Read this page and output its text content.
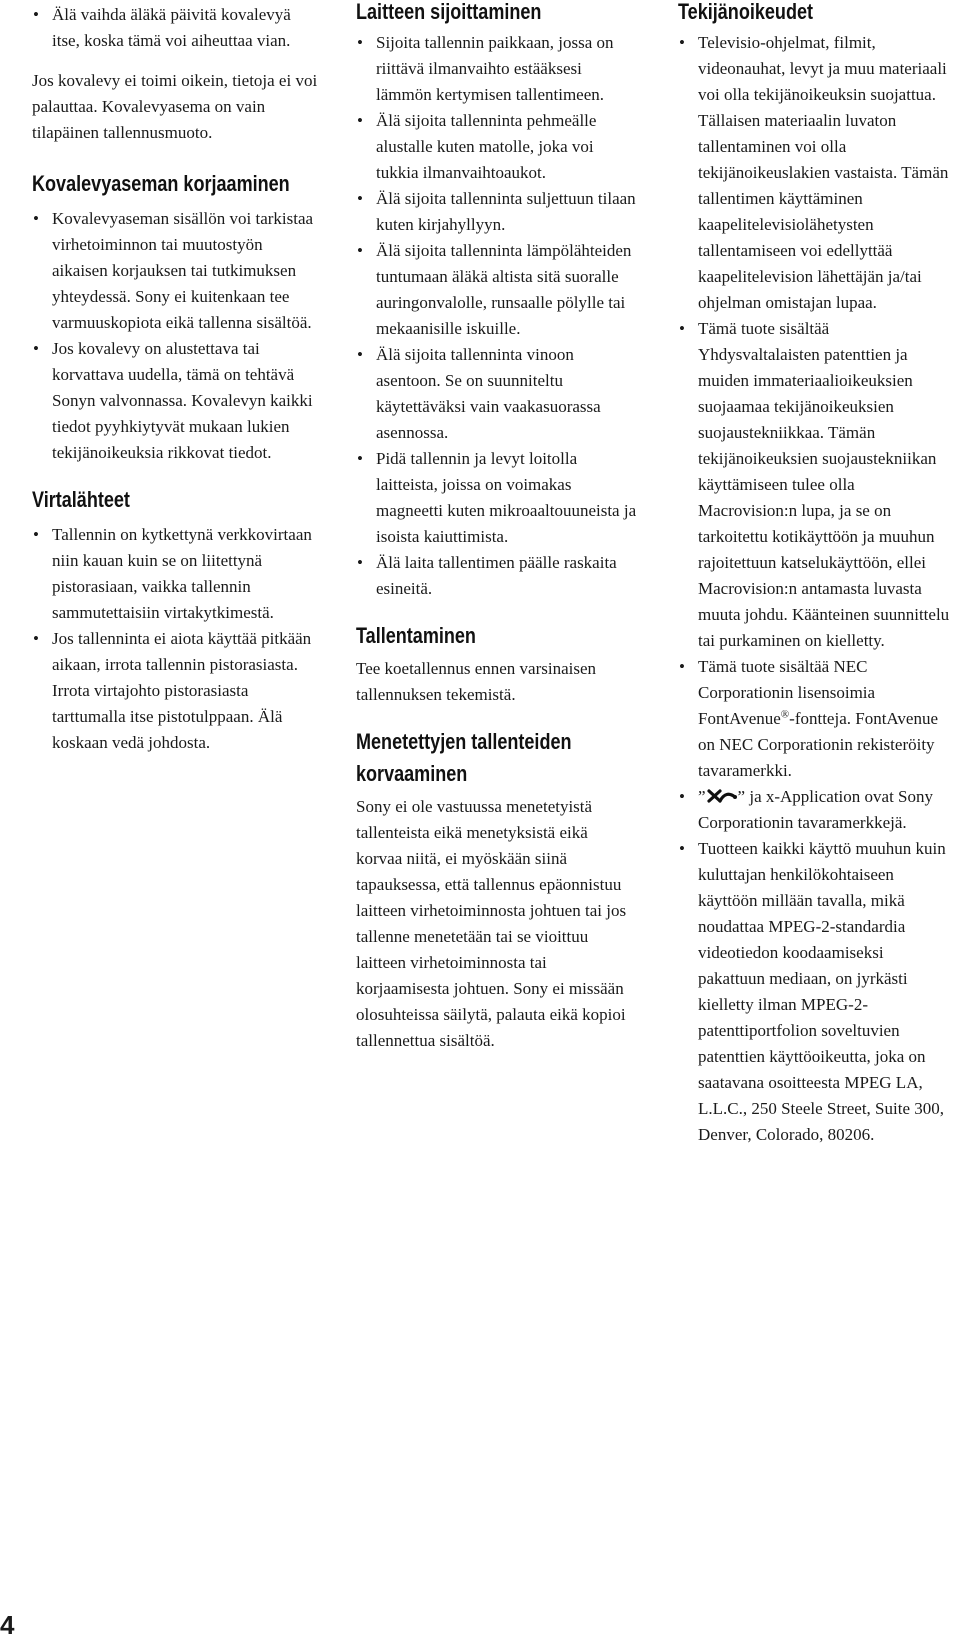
• Älä vaihda äläkä päivitä kovalevyä itse, koska tämä voi aiheuttaa vian.

Jos kovalevy ei toimi oikein, tietoja ei voi palauttaa. Kovalevyasema on vain tilapäinen tallennusmuoto.

Kovalevyaseman korjaaminen
• Kovalevyaseman sisällön voi tarkistaa virhetoiminnon tai muutostyön aikaisen korjauksen tai tutkimuksen yhteydessä. Sony ei kuitenkaan tee varmuuskopiota eikä tallenna sisältöä.
• Jos kovalevy on alustettava tai korvattava uudella, tämä on tehtävä Sonyn valvonnassa. Kovalevyn kaikki tiedot pyyhkiytyvät mukaan lukien tekijänoikeuksia rikkovat tiedot.
Virtalähteet
• Tallennin on kytkettynä verkkovirtaan niin kauan kuin se on liitettynä pistorasiaan, vaikka tallennin sammutettaisiin virtakytkimestä.
• Jos tallenninta ei aiota käyttää pitkään aikaan, irrota tallennin pistorasiasta. Irrota virtajohto pistorasiasta tarttumalla itse pistotulppaan. Älä koskaan vedä johdosta.
Laitteen sijoittaminen
• Sijoita tallennin paikkaan, jossa on riittävä ilmanvaihto estääksesi lämmön kertymisen tallentimeen.
• Älä sijoita tallenninta pehmeälle alustalle kuten matolle, joka voi tukkia ilmanvaihtoaukot.
• Älä sijoita tallenninta suljettuun tilaan kuten kirjahyllyyn.
• Älä sijoita tallenninta lämpölähteiden tuntumaan äläkä altista sitä suoralle auringonvalolle, runsaalle pölylle tai mekaanisille iskuille.
• Älä sijoita tallenninta vinoon asentoon. Se on suunniteltu käytettäväksi vain vaakasuorassa asennossa.
• Pidä tallennin ja levyt loitolla laitteista, joissa on voimakas magneetti kuten mikroaaltouuneista ja isoista kaiuttimista.
• Älä laita tallentimen päälle raskaita esineitä.
Tallentaminen

Tee koetallennus ennen varsinaisen tallennuksen tekemistä.

Menetettyjen tallenteiden korvaaminen

Sony ei ole vastuussa menetetyistä tallenteista eikä menetyksistä eikä korvaa niitä, ei myöskään siinä tapauksessa, että tallennus epäonnistuu laitteen virhetoiminnosta johtuen tai jos tallenne menetetään tai se vioittuu laitteen virhetoiminnosta tai korjaamisesta johtuen. Sony ei missään olosuhteissa säilytä, palauta eikä kopioi tallennettua sisältöä.

Tekijänoikeudet
• Televisio-ohjelmat, filmit, videonauhat, levyt ja muu materiaali voi olla tekijänoikeuksin suojattua. Tällaisen materiaalin luvaton tallentaminen voi olla tekijänoikeuslakien vastaista. Tämän tallentimen käyttäminen kaapelitelevisiolähetysten tallentamiseen voi edellyttää kaapelitelevision lähettäjän ja/tai ohjelman omistajan lupaa.
• Tämä tuote sisältää Yhdysvaltalaisten patenttien ja muiden immateriaalioikeuksien suojaamaa tekijänoikeuksien suojaustekniikkaa. Tämän tekijänoikeuksien suojaustekniikan käyttämiseen tulee olla Macrovision:n lupa, ja se on tarkoitettu kotikäyttöön ja muuhun rajoitettuun katselukäyttöön, ellei Macrovision:n antamasta luvasta muuta johdu. Käänteinen suunnittelu tai purkaminen on kielletty.
• Tämä tuote sisältää NEC Corporationin lisensoimia FontAvenue®-fontteja. FontAvenue on NEC Corporationin rekisteröity tavaramerkki.
• ” ” ja x-Application ovat Sony Corporationin tavaramerkkejä.
• Tuotteen kaikki käyttö muuhun kuin kuluttajan henkilökohtaiseen käyttöön millään tavalla, mikä noudattaa MPEG-2-standardia videotiedon koodaamiseksi pakattuun mediaan, on jyrkästi kielletty ilman MPEG-2-patenttiportfolion soveltuvien patenttien käyttöoikeutta, joka on saatavana osoitteesta MPEG LA, L.L.C., 250 Steele Street, Suite 300, Denver, Colorado, 80206.
4
